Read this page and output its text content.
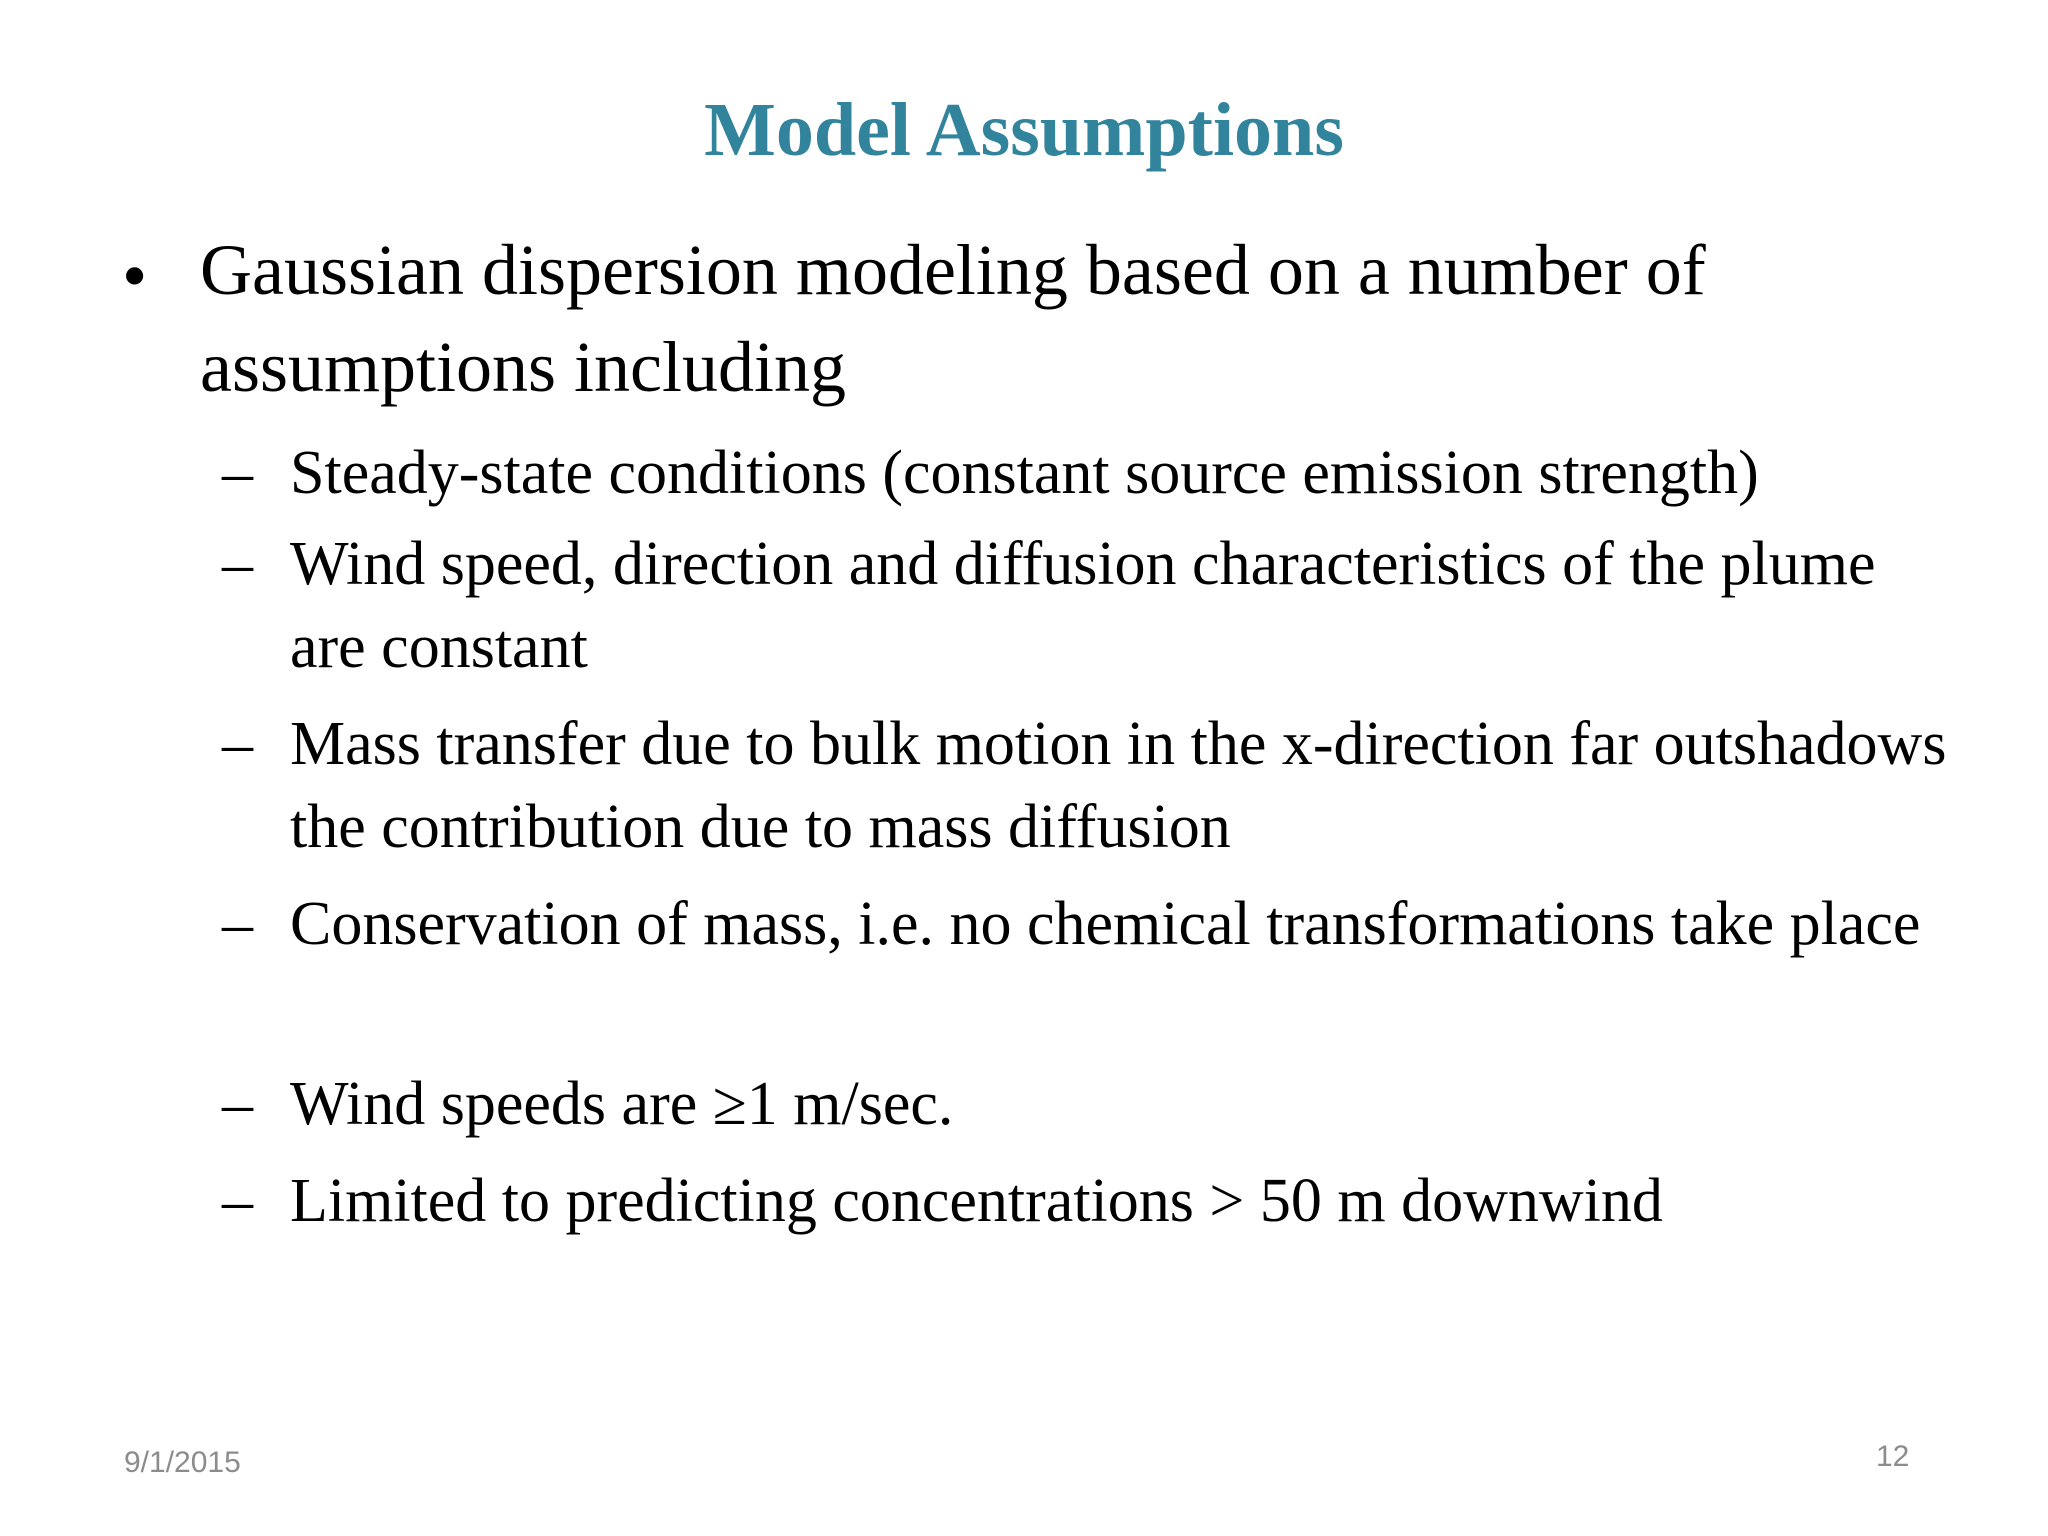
Model Assumptions
• Gaussian dispersion modeling based on a number of assumptions including
– Steady-state conditions (constant source emission strength)
– Wind speed, direction and diffusion characteristics of the plume are constant
– Mass transfer due to bulk motion in the x-direction far outshadows the contribution due to mass diffusion
– Conservation of mass, i.e. no chemical transformations take place
– Wind speeds are ≥1 m/sec.
– Limited to predicting concentrations > 50 m downwind
9/1/2015	12
